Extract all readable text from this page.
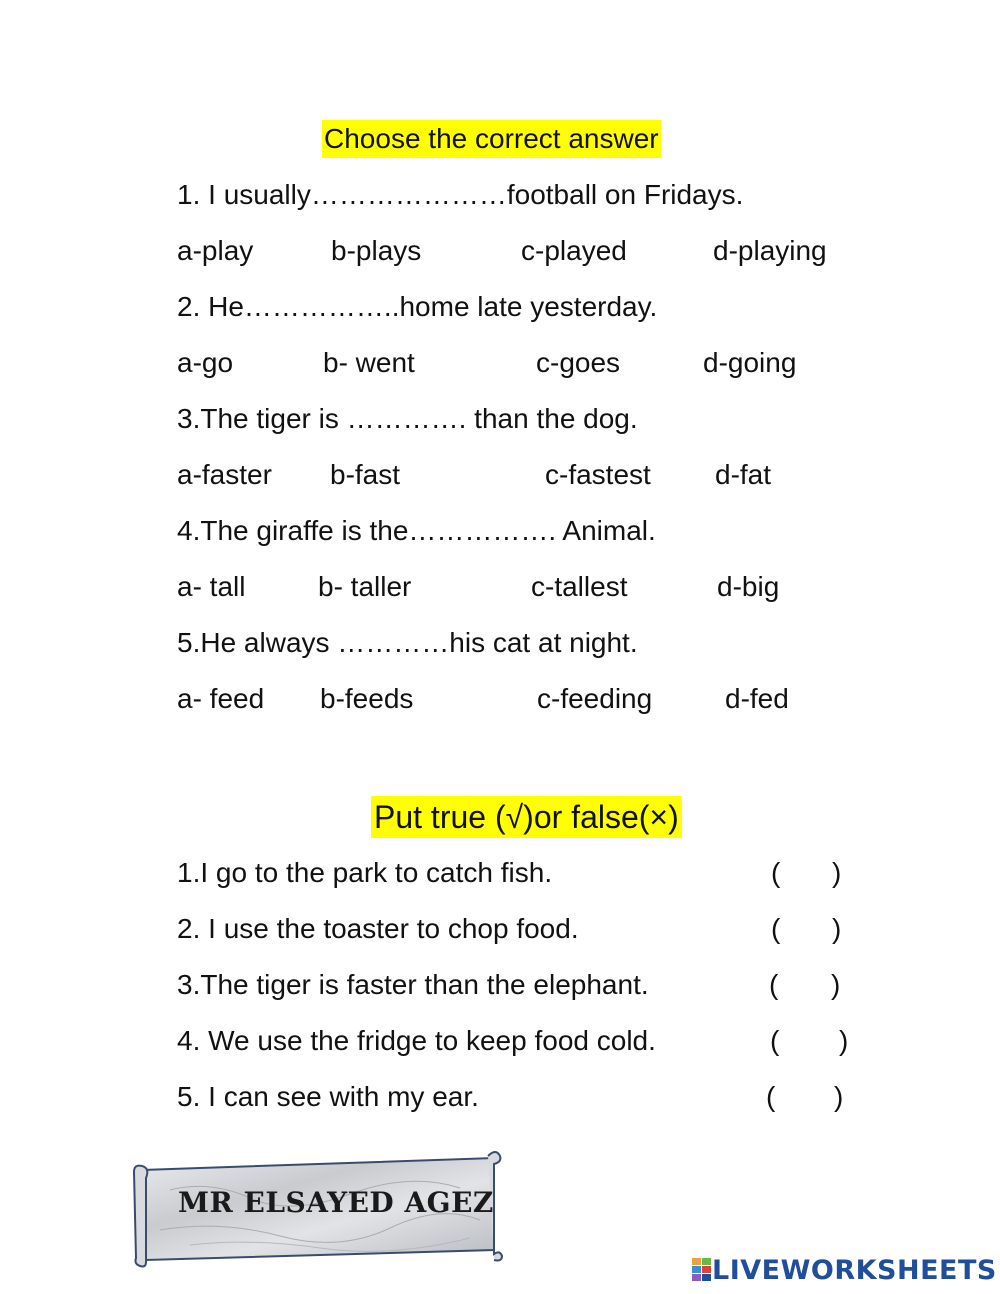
Choose the correct answer
1. I usually…………………football on Fridays.
a-play	b-plays	c-played	d-playing
2. He……………..home late yesterday.
a-go	b- went	c-goes	d-going
3.The tiger is …………. than the dog.
a-faster b-fast	c-fastest d-fat
4.The giraffe is the……………. Animal.
a- tall	b- taller	c-tallest	d-big
5.He always …………his cat at night.
a- feed b-feeds	c-feeding	d-fed
Put true (√)or false(×)
1.I go to the park to catch fish.	( )
2. I use the toaster to chop food.	( )
3.The tiger is faster than the elephant.	( )
4. We use the fridge to keep food cold.	( )
5. I can see with my ear.	( )
MR ELSAYED AGEZ
LIVEWORKSHEETS
